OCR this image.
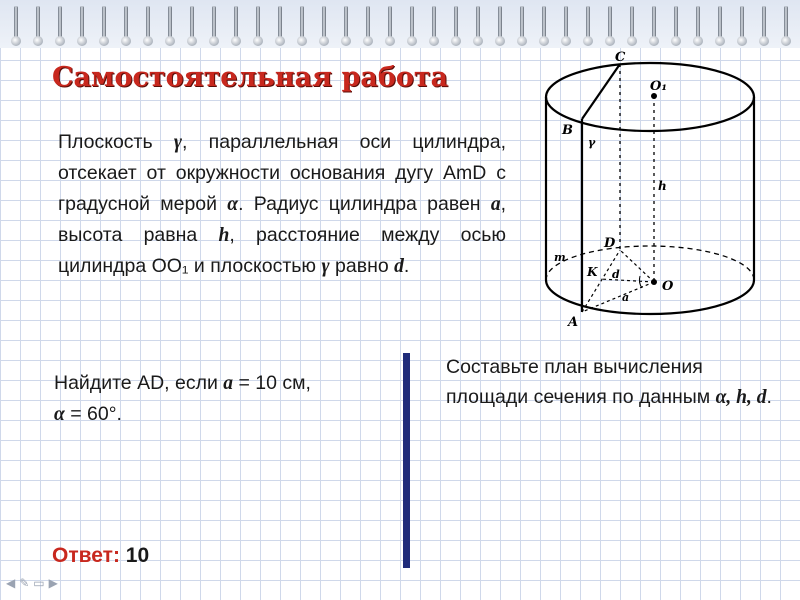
Самостоятельная работа
Плоскость γ, параллельная оси цилиндра, отсекает от окружности основания дугу AmD с градусной мерой α. Радиус цилиндра равен a, высота равна h, расстояние между осью цилиндра OO₁ и плоскостью γ равно d.
Найдите AD, если a = 10 см, α = 60°.
Составьте план вычисления площади сечения по данным α, h, d.
Ответ: 10
C
O₁
B
γ
h
D
m
K d
O
a
A
◀ ✎ ▭ ▶
